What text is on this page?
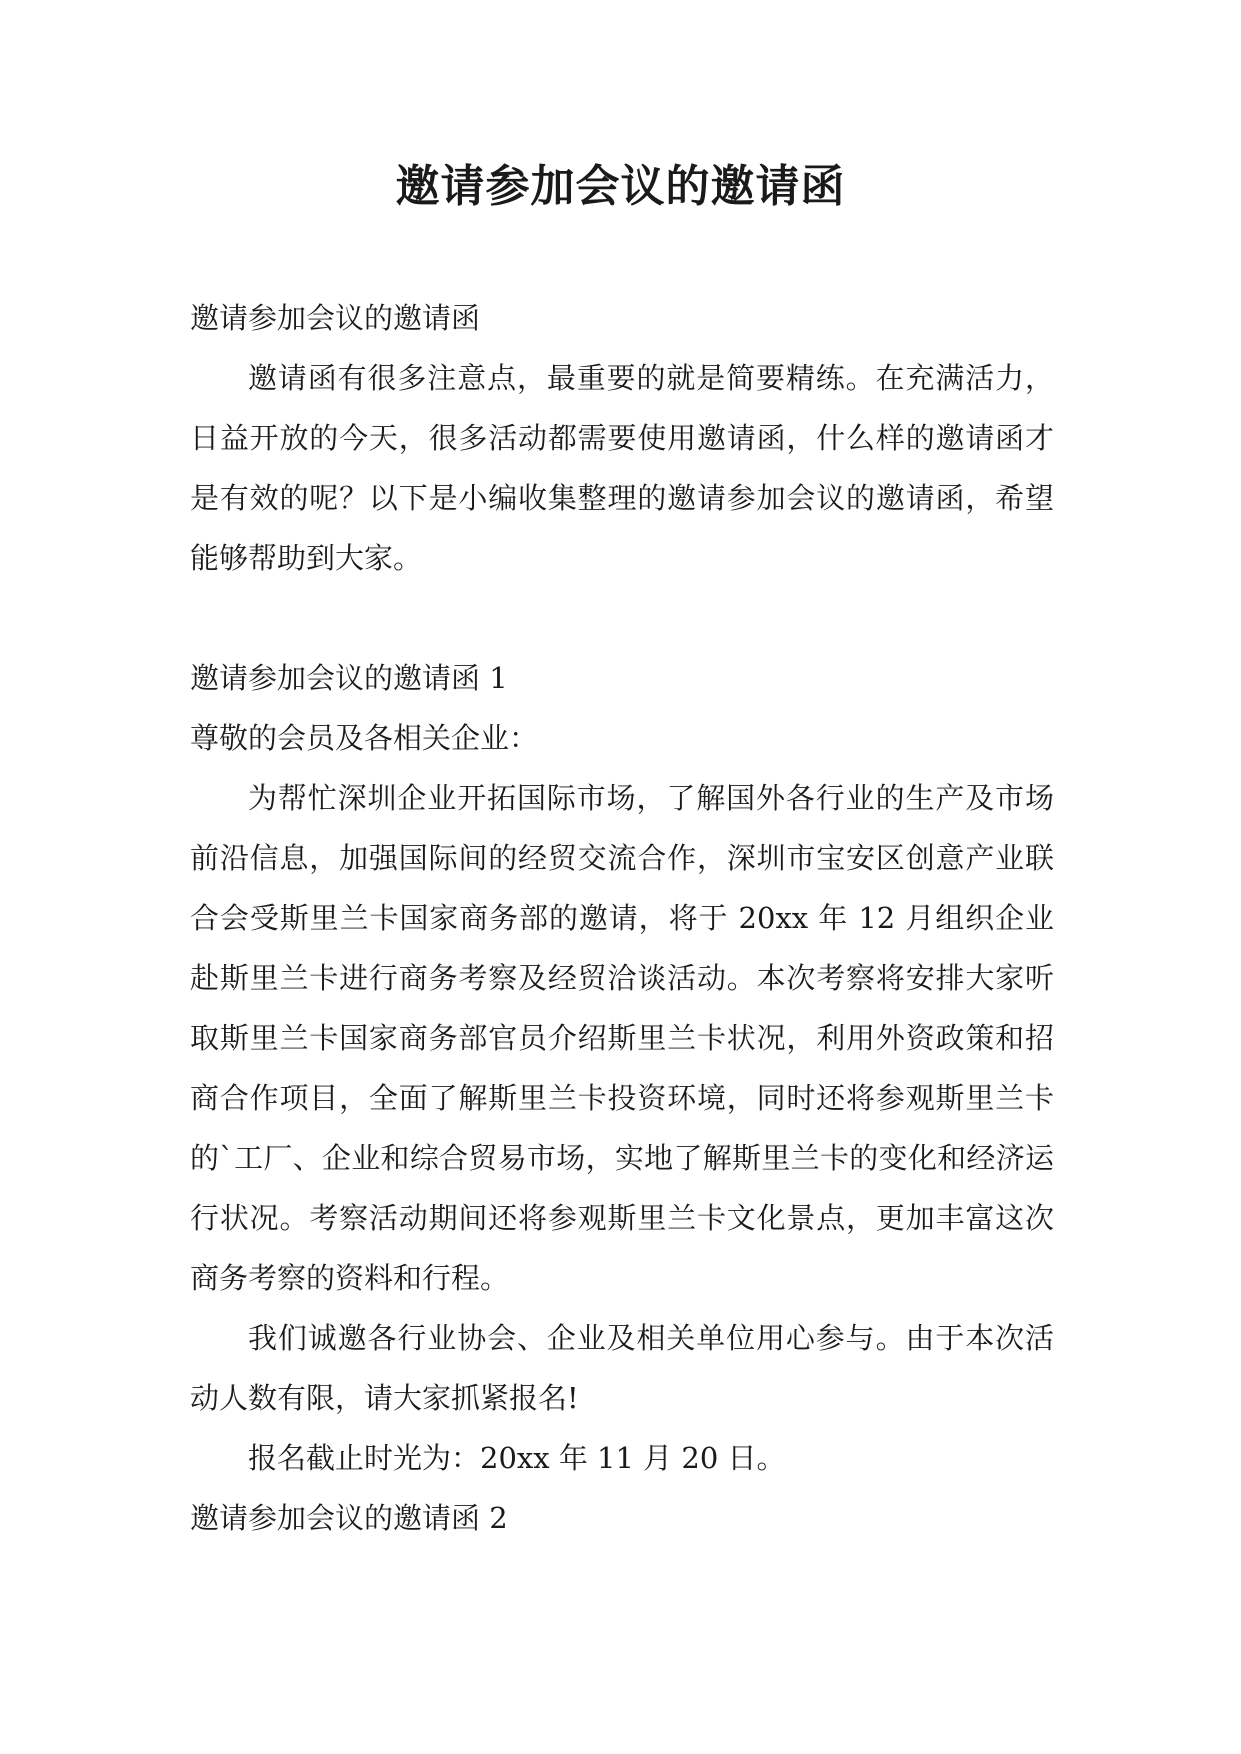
邀请参加会议的邀请函

邀请参加会议的邀请函

邀请函有很多注意点，最重要的就是简要精练。在充满活力，日益开放的今天，很多活动都需要使用邀请函，什么样的邀请函才是有效的呢？以下是小编收集整理的邀请参加会议的邀请函，希望能够帮助到大家。

邀请参加会议的邀请函 1

尊敬的会员及各相关企业：

为帮忙深圳企业开拓国际市场，了解国外各行业的生产及市场前沿信息，加强国际间的经贸交流合作，深圳市宝安区创意产业联合会受斯里兰卡国家商务部的邀请，将于 20xx 年 12 月组织企业赴斯里兰卡进行商务考察及经贸洽谈活动。本次考察将安排大家听取斯里兰卡国家商务部官员介绍斯里兰卡状况，利用外资政策和招商合作项目，全面了解斯里兰卡投资环境，同时还将参观斯里兰卡的`工厂、企业和综合贸易市场，实地了解斯里兰卡的变化和经济运行状况。考察活动期间还将参观斯里兰卡文化景点，更加丰富这次商务考察的资料和行程。

我们诚邀各行业协会、企业及相关单位用心参与。由于本次活动人数有限，请大家抓紧报名!

报名截止时光为：20xx 年 11 月 20 日。

邀请参加会议的邀请函 2
